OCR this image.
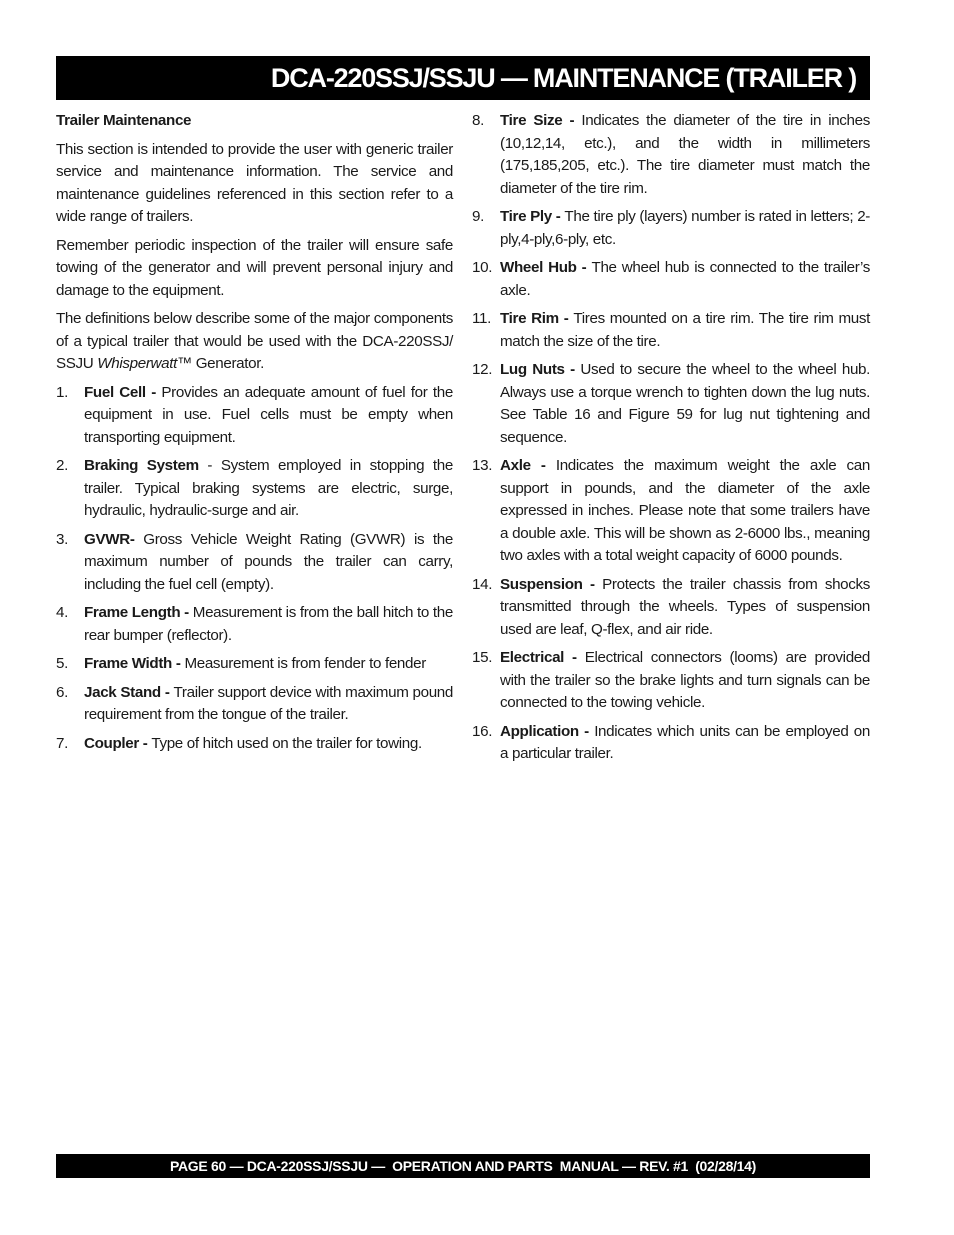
DCA-220SSJ/SSJU — MAINTENANCE (TRAILER )
Trailer Maintenance

This section is intended to provide the user with generic trailer service and maintenance information. The service and maintenance guidelines referenced in this section refer to a wide range of trailers.

Remember periodic inspection of the trailer will ensure safe towing of the generator and will prevent personal injury and damage to the equipment.

The definitions below describe some of the major components of a typical trailer that would be used with the DCA-220SSJ/ SSJU Whisperwatt™ Generator.

1.	Fuel Cell - Provides an adequate amount of fuel for the equipment in use. Fuel cells must be empty when transporting equipment.
2.	Braking System - System employed in stopping the trailer. Typical braking systems are electric, surge, hydraulic, hydraulic-surge and air.
3.	GVWR- Gross Vehicle Weight Rating (GVWR) is the maximum number of pounds the trailer can carry, including the fuel cell (empty).
4.	Frame Length - Measurement is from the ball hitch to the rear bumper (reflector).
5.	Frame Width - Measurement is from fender to fender
6.	Jack Stand - Trailer support device with maximum pound requirement from the tongue of the trailer.
7.	Coupler - Type of hitch used on the trailer for towing.
8.	Tire Size - Indicates the diameter of the tire in inches (10,12,14, etc.), and the width in millimeters (175,185,205, etc.). The tire diameter must match the diameter of the tire rim.
9.	Tire Ply - The tire ply (layers) number is rated in letters; 2-ply,4-ply,6-ply, etc.
10. Wheel Hub - The wheel hub is connected to the trailer’s axle.
11. Tire Rim - Tires mounted on a tire rim. The tire rim must match the size of the tire.
12. Lug Nuts - Used to secure the wheel to the wheel hub. Always use a torque wrench to tighten down the lug nuts. See Table 16 and Figure 59 for lug nut tightening and sequence.
13. Axle - Indicates the maximum weight the axle can support in pounds, and the diameter of the axle expressed in inches. Please note that some trailers have a double axle. This will be shown as 2-6000 lbs., meaning two axles with a total weight capacity of 6000 pounds.
14. Suspension - Protects the trailer chassis from shocks transmitted through the wheels. Types of suspension used are leaf, Q-flex, and air ride.
15. Electrical - Electrical connectors (looms) are provided with the trailer so the brake lights and turn signals can be connected to the towing vehicle.
16. Application - Indicates which units can be employed on a particular trailer.
PAGE 60 — DCA-220SSJ/SSJU —  OPERATION AND PARTS  MANUAL — REV. #1  (02/28/14)
